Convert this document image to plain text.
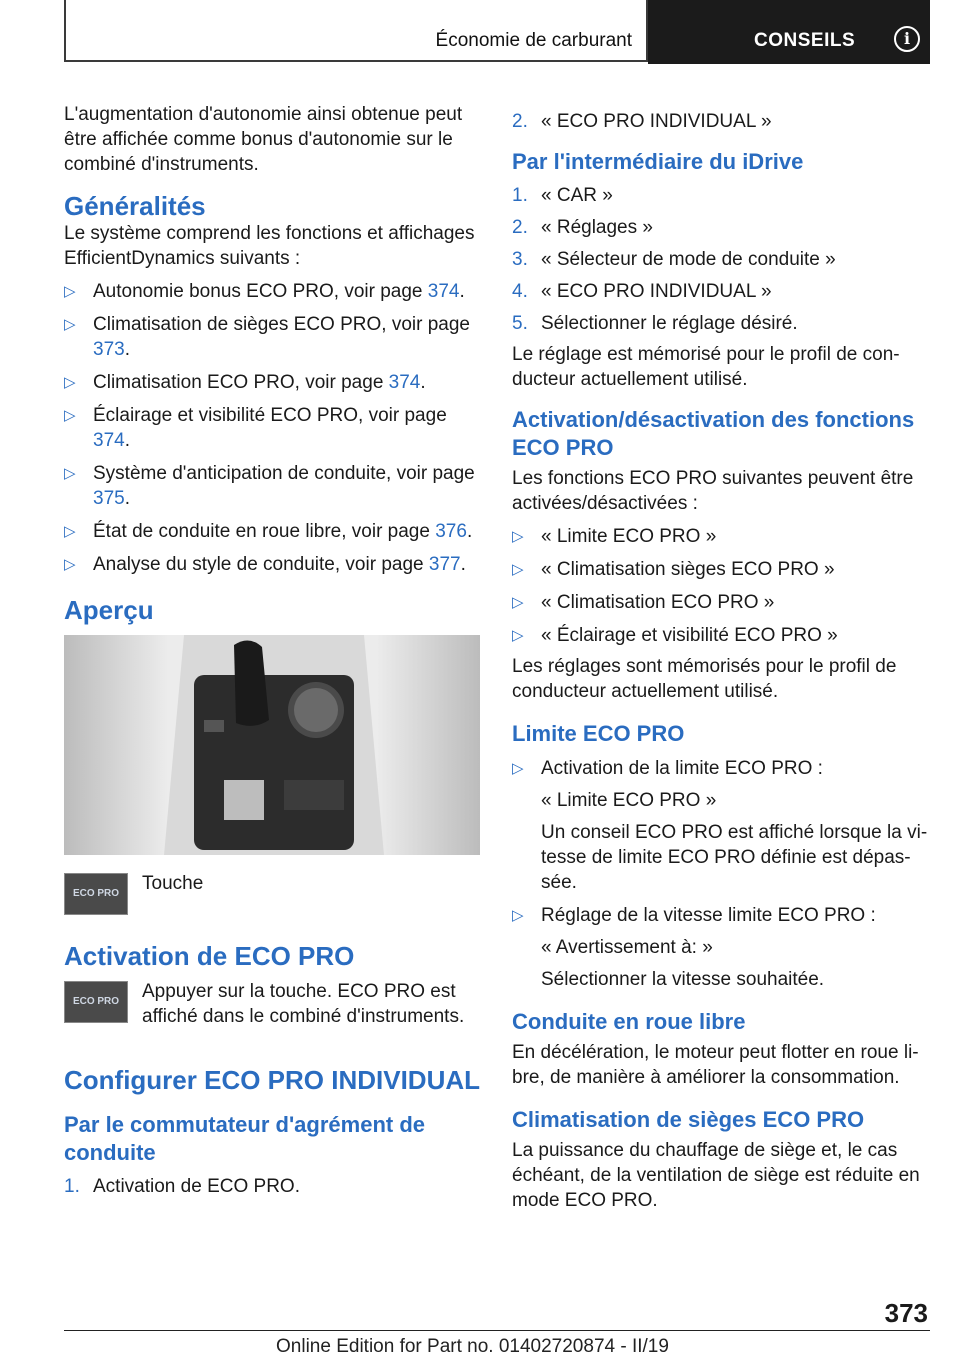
Économie de carburant	CONSEILS	i

L'augmentation d'autonomie ainsi obtenue peut être affichée comme bonus d'autonomie sur le combiné d'instruments.

Généralités

Le système comprend les fonctions et affichages EfficientDynamics suivants :

▷ Autonomie bonus ECO PRO, voir page 374.
▷ Climatisation de sièges ECO PRO, voir page 373.
▷ Climatisation ECO PRO, voir page 374.
▷ Éclairage et visibilité ECO PRO, voir page 374.
▷ Système d'anticipation de conduite, voir page 375.
▷ État de conduite en roue libre, voir page 376.
▷ Analyse du style de conduite, voir page 377.
Aperçu
ECO PRO	Touche
Activation de ECO PRO
ECO PRO	Appuyer sur la touche. ECO PRO est affiché dans le combiné d'instruments.
Configurer ECO PRO INDIVIDUAL
Par le commutateur d'agrément de conduite
1. Activation de ECO PRO.
2. « ECO PRO INDIVIDUAL »
Par l'intermédiaire du iDrive
1. « CAR »
2. « Réglages »
3. « Sélecteur de mode de conduite »
4. « ECO PRO INDIVIDUAL »
5. Sélectionner le réglage désiré.

Le réglage est mémorisé pour le profil de conducteur actuellement utilisé.

Activation/désactivation des fonctions ECO PRO

Les fonctions ECO PRO suivantes peuvent être activées/désactivées :

▷ « Limite ECO PRO »
▷ « Climatisation sièges ECO PRO »
▷ « Climatisation ECO PRO »
▷ « Éclairage et visibilité ECO PRO »

Les réglages sont mémorisés pour le profil de conducteur actuellement utilisé.

Limite ECO PRO
▷ Activation de la limite ECO PRO :
« Limite ECO PRO »
Un conseil ECO PRO est affiché lorsque la vitesse de limite ECO PRO définie est dépassée.
▷ Réglage de la vitesse limite ECO PRO :
« Avertissement à: »
Sélectionner la vitesse souhaitée.
Conduite en roue libre

En décélération, le moteur peut flotter en roue libre, de manière à améliorer la consommation.

Climatisation de sièges ECO PRO

La puissance du chauffage de siège et, le cas échéant, de la ventilation de siège est réduite en mode ECO PRO.

373
Online Edition for Part no. 01402720874 - II/19
